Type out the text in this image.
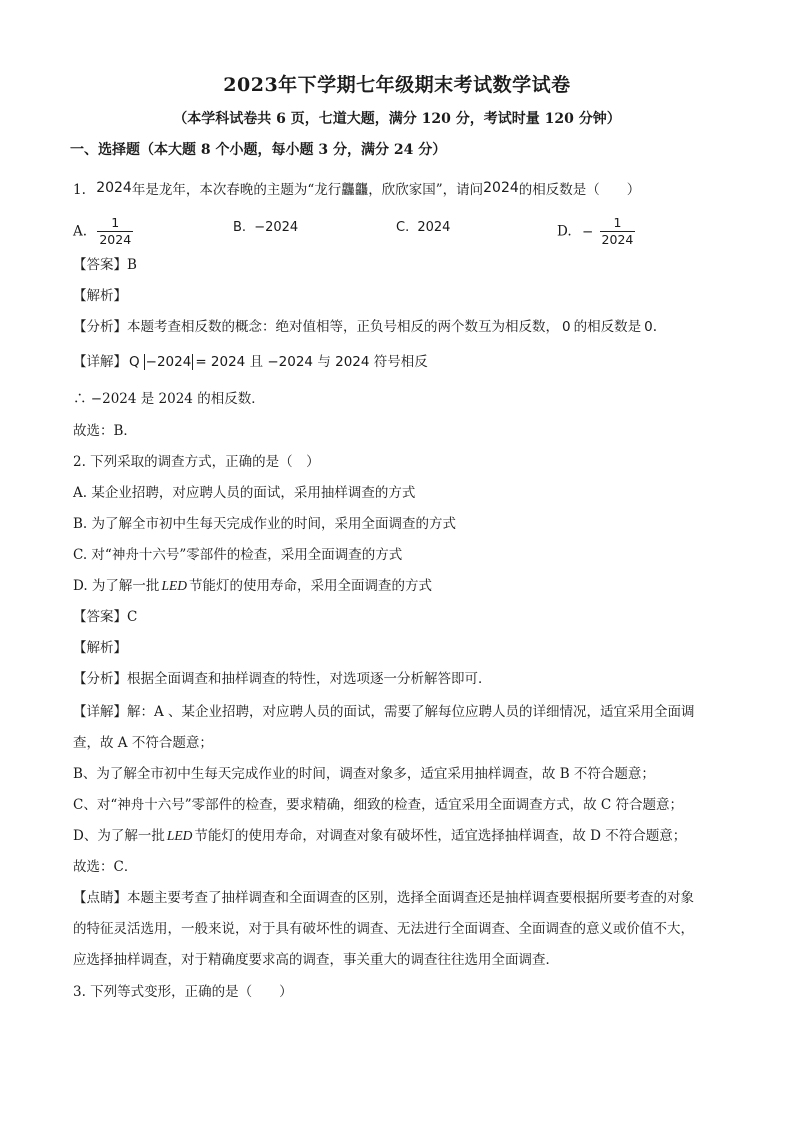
2023年下学期七年级期末考试数学试卷
（本学科试卷共 6 页，七道大题，满分 120 分，考试时量 120 分钟）
一、选择题（本大题 8 个小题，每小题 3 分，满分 24 分）
1. 2024年是龙年，本次春晚的主题为“龙行龘龘，欣欣家国”，请问2024的相反数是（　　）
A. $\frac{1}{2024}$	B. −2024	C. 2024	D. − $\frac{1}{2024}$
【答案】B
【解析】
【分析】本题考查相反数的概念：绝对值相等，正负号相反的两个数互为相反数， 0 的相反数是 0.
【详解】 Q −2024 = 2024 且 −2024 与 2024 符号相反
∴ −2024 是 2024 的相反数．
故选：B．
2. 下列采取的调查方式，正确的是（　）
A. 某企业招聘，对应聘人员的面试，采用抽样调查的方式
B. 为了解全市初中生每天完成作业的时间，采用全面调查的方式
C. 对“神舟十六号”零部件的检查，采用全面调查的方式
D. 为了解一批 LED 节能灯的使用寿命，采用全面调查的方式
【答案】C
【解析】
【分析】根据全面调查和抽样调查的特性，对选项逐一分析解答即可．
【详解】解：A 、某企业招聘，对应聘人员的面试，需要了解每位应聘人员的详细情况，适宜采用全面调
查，故 A 不符合题意；
B、为了解全市初中生每天完成作业的时间，调查对象多，适宜采用抽样调查，故 B 不符合题意；
C、对“神舟十六号”零部件的检查，要求精确，细致的检查，适宜采用全面调查方式，故 C 符合题意；
D、为了解一批 LED 节能灯的使用寿命，对调查对象有破坏性，适宜选择抽样调查，故 D 不符合题意；
故选：C．
【点睛】本题主要考查了抽样调查和全面调查的区别，选择全面调查还是抽样调查要根据所要考查的对象
的特征灵活选用，一般来说，对于具有破坏性的调查、无法进行全面调查、全面调查的意义或价值不大，
应选择抽样调查，对于精确度要求高的调查，事关重大的调查往往选用全面调查．
3. 下列等式变形，正确的是（　　）
